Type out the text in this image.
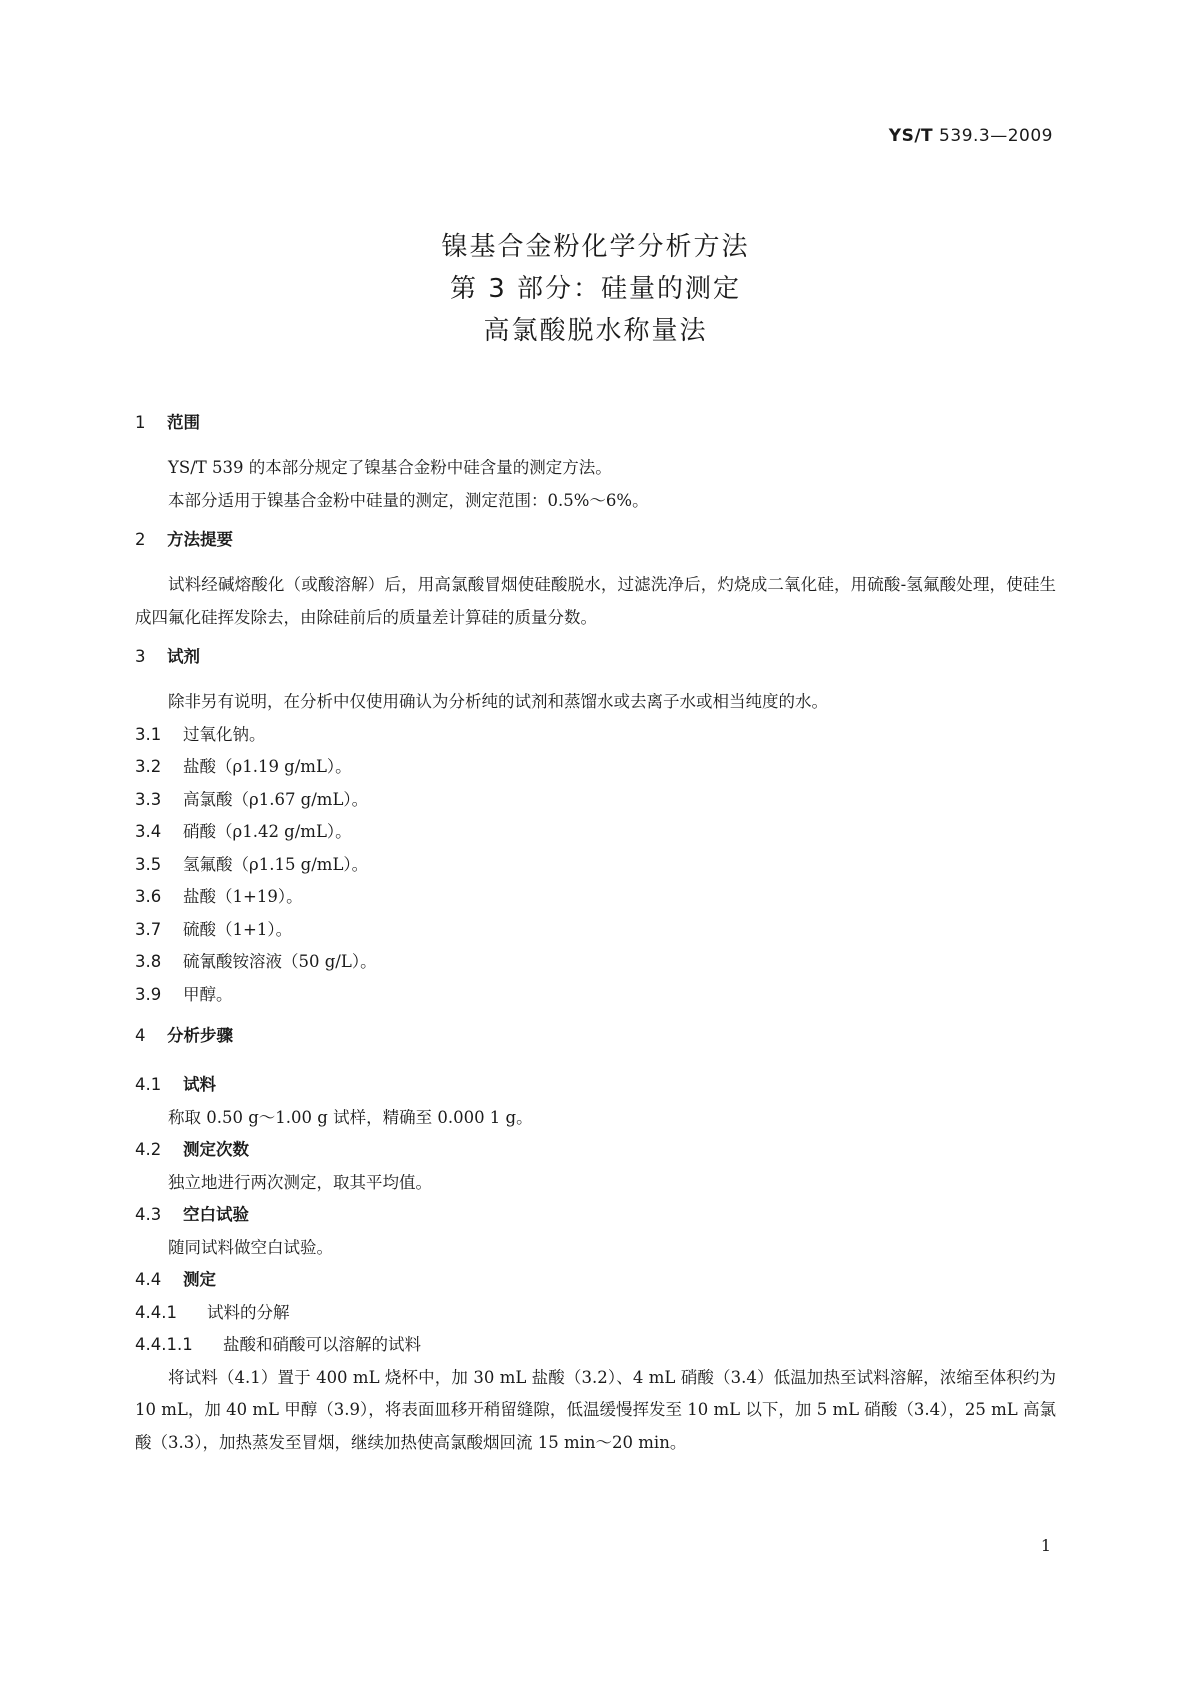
YS/T 539.3—2009
镍基合金粉化学分析方法
第 3 部分：硅量的测定
高氯酸脱水称量法
1 范围
YS/T 539 的本部分规定了镍基合金粉中硅含量的测定方法。
本部分适用于镍基合金粉中硅量的测定，测定范围：0.5%～6%。
2 方法提要
试料经碱熔酸化（或酸溶解）后，用高氯酸冒烟使硅酸脱水，过滤洗净后，灼烧成二氧化硅，用硫酸-氢氟酸处理，使硅生成四氟化硅挥发除去，由除硅前后的质量差计算硅的质量分数。
3 试剂
除非另有说明，在分析中仅使用确认为分析纯的试剂和蒸馏水或去离子水或相当纯度的水。
3.1 过氧化钠。
3.2 盐酸（ρ1.19 g/mL）。
3.3 高氯酸（ρ1.67 g/mL）。
3.4 硝酸（ρ1.42 g/mL）。
3.5 氢氟酸（ρ1.15 g/mL）。
3.6 盐酸（1+19）。
3.7 硫酸（1+1）。
3.8 硫氰酸铵溶液（50 g/L）。
3.9 甲醇。
4 分析步骤
4.1 试料
称取 0.50 g～1.00 g 试样，精确至 0.000 1 g。
4.2 测定次数
独立地进行两次测定，取其平均值。
4.3 空白试验
随同试料做空白试验。
4.4 测定
4.4.1 试料的分解
4.4.1.1 盐酸和硝酸可以溶解的试料
将试料（4.1）置于 400 mL 烧杯中，加 30 mL 盐酸（3.2）、4 mL 硝酸（3.4）低温加热至试料溶解，浓缩至体积约为 10 mL，加 40 mL 甲醇（3.9），将表面皿移开稍留缝隙，低温缓慢挥发至 10 mL 以下，加 5 mL 硝酸（3.4），25 mL 高氯酸（3.3），加热蒸发至冒烟，继续加热使高氯酸烟回流 15 min～20 min。
1
